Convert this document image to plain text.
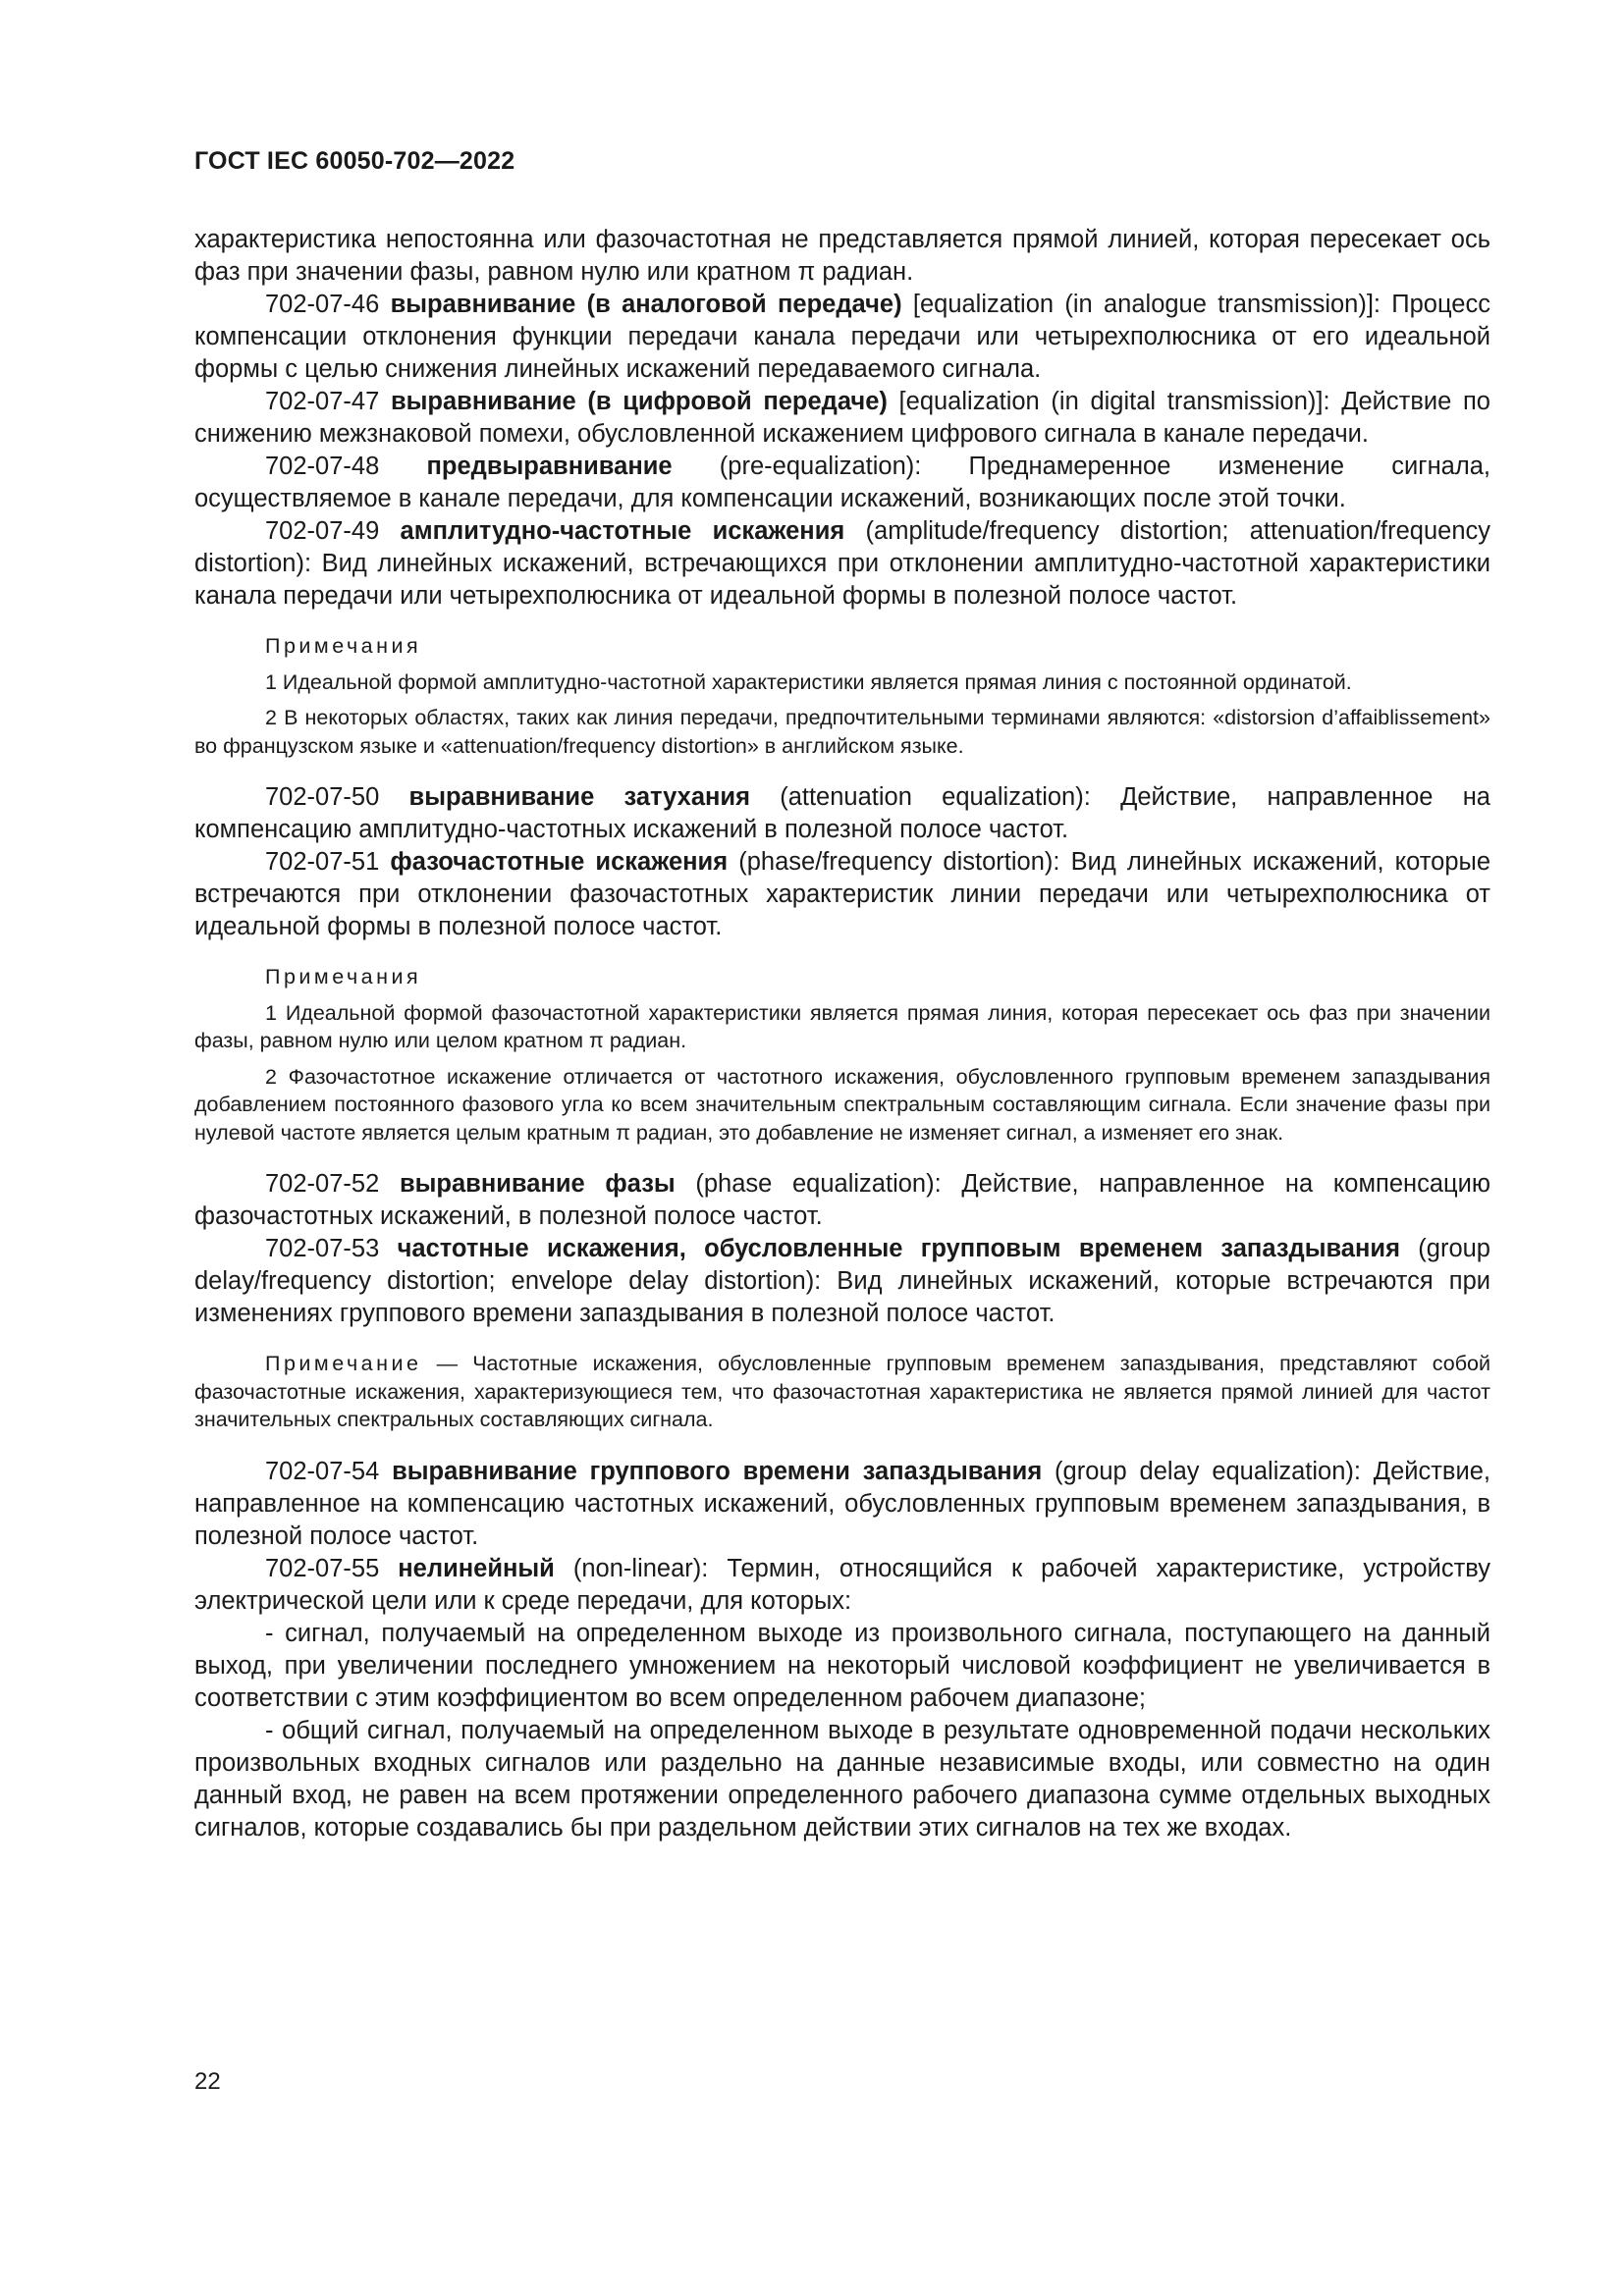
ГОСТ IEC 60050-702—2022

характеристика непостоянна или фазочастотная не представляется прямой линией, которая пересекает ось фаз при значении фазы, равном нулю или кратном π радиан.

702-07-46 выравнивание (в аналоговой передаче) [equalization (in analogue transmission)]: Процесс компенсации отклонения функции передачи канала передачи или четырехполюсника от его идеальной формы с целью снижения линейных искажений передаваемого сигнала.

702-07-47 выравнивание (в цифровой передаче) [equalization (in digital transmission)]: Действие по снижению межзнаковой помехи, обусловленной искажением цифрового сигнала в канале передачи.

702-07-48 предвыравнивание (pre-equalization): Преднамеренное изменение сигнала, осуществляемое в канале передачи, для компенсации искажений, возникающих после этой точки.

702-07-49 амплитудно-частотные искажения (amplitude/frequency distortion; attenuation/frequency distortion): Вид линейных искажений, встречающихся при отклонении амплитудно-частотной характеристики канала передачи или четырехполюсника от идеальной формы в полезной полосе частот.

Примечания

1 Идеальной формой амплитудно-частотной характеристики является прямая линия с постоянной ординатой.

2 В некоторых областях, таких как линия передачи, предпочтительными терминами являются: «distorsion d’affaiblissement» во французском языке и «attenuation/frequency distortion» в английском языке.

702-07-50 выравнивание затухания (attenuation equalization): Действие, направленное на компенсацию амплитудно-частотных искажений в полезной полосе частот.

702-07-51 фазочастотные искажения (phase/frequency distortion): Вид линейных искажений, которые встречаются при отклонении фазочастотных характеристик линии передачи или четырехполюсника от идеальной формы в полезной полосе частот.

Примечания

1 Идеальной формой фазочастотной характеристики является прямая линия, которая пересекает ось фаз при значении фазы, равном нулю или целом кратном π радиан.

2 Фазочастотное искажение отличается от частотного искажения, обусловленного групповым временем запаздывания добавлением постоянного фазового угла ко всем значительным спектральным составляющим сигнала. Если значение фазы при нулевой частоте является целым кратным π радиан, это добавление не изменяет сигнал, а изменяет его знак.

702-07-52 выравнивание фазы (phase equalization): Действие, направленное на компенсацию фазочастотных искажений, в полезной полосе частот.

702-07-53 частотные искажения, обусловленные групповым временем запаздывания (group delay/frequency distortion; envelope delay distortion): Вид линейных искажений, которые встречаются при изменениях группового времени запаздывания в полезной полосе частот.

Примечание — Частотные искажения, обусловленные групповым временем запаздывания, представляют собой фазочастотные искажения, характеризующиеся тем, что фазочастотная характеристика не является прямой линией для частот значительных спектральных составляющих сигнала.

702-07-54 выравнивание группового времени запаздывания (group delay equalization): Действие, направленное на компенсацию частотных искажений, обусловленных групповым временем запаздывания, в полезной полосе частот.

702-07-55 нелинейный (non-linear): Термин, относящийся к рабочей характеристике, устройству электрической цели или к среде передачи, для которых:

- сигнал, получаемый на определенном выходе из произвольного сигнала, поступающего на данный выход, при увеличении последнего умножением на некоторый числовой коэффициент не увеличивается в соответствии с этим коэффициентом во всем определенном рабочем диапазоне;

- общий сигнал, получаемый на определенном выходе в результате одновременной подачи нескольких произвольных входных сигналов или раздельно на данные независимые входы, или совместно на один данный вход, не равен на всем протяжении определенного рабочего диапазона сумме отдельных выходных сигналов, которые создавались бы при раздельном действии этих сигналов на тех же входах.

22
